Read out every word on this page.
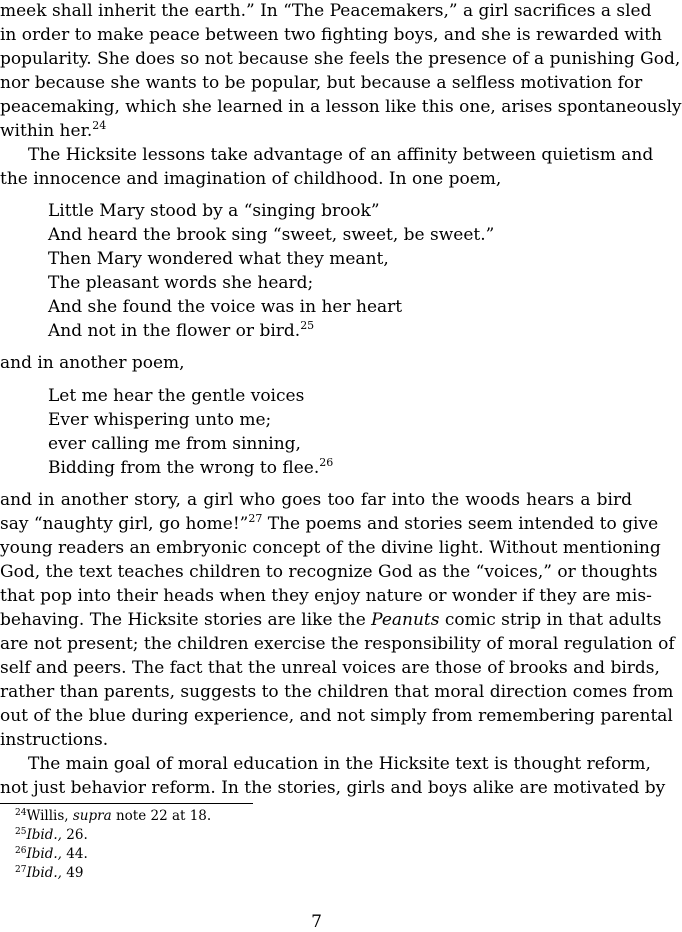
meek shall inherit the earth.” In “The Peacemakers,” a girl sacrifices a sled

in order to make peace between two fighting boys, and she is rewarded with

popularity. She does so not because she feels the presence of a punishing God,

nor because she wants to be popular, but because a selfless motivation for

peacemaking, which she learned in a lesson like this one, arises spontaneously

within her.$^{24}$

The Hicksite lessons take advantage of an affinity between quietism and

the innocence and imagination of childhood. In one poem,

Little Mary stood by a “singing brook”

And heard the brook sing “sweet, sweet, be sweet.”

Then Mary wondered what they meant,

The pleasant words she heard;

And she found the voice was in her heart

And not in the flower or bird.$^{25}$

and in another poem,

Let me hear the gentle voices

Ever whispering unto me;

ever calling me from sinning,

Bidding from the wrong to flee.$^{26}$

and in another story, a girl who goes too far into the woods hears a bird

say “naughty girl, go home!”$^{27}$ The poems and stories seem intended to give

young readers an embryonic concept of the divine light. Without mentioning

God, the text teaches children to recognize God as the “voices,” or thoughts

that pop into their heads when they enjoy nature or wonder if they are mis-

behaving. The Hicksite stories are like the Peanuts comic strip in that adults

are not present; the children exercise the responsibility of moral regulation of

self and peers. The fact that the unreal voices are those of brooks and birds,

rather than parents, suggests to the children that moral direction comes from

out of the blue during experience, and not simply from remembering parental

instructions.

The main goal of moral education in the Hicksite text is thought reform,

not just behavior reform. In the stories, girls and boys alike are motivated by

$^{24}$Willis, supra note 22 at 18.

$^{25}$Ibid., 26.

$^{26}$Ibid., 44.

$^{27}$Ibid., 49

7
